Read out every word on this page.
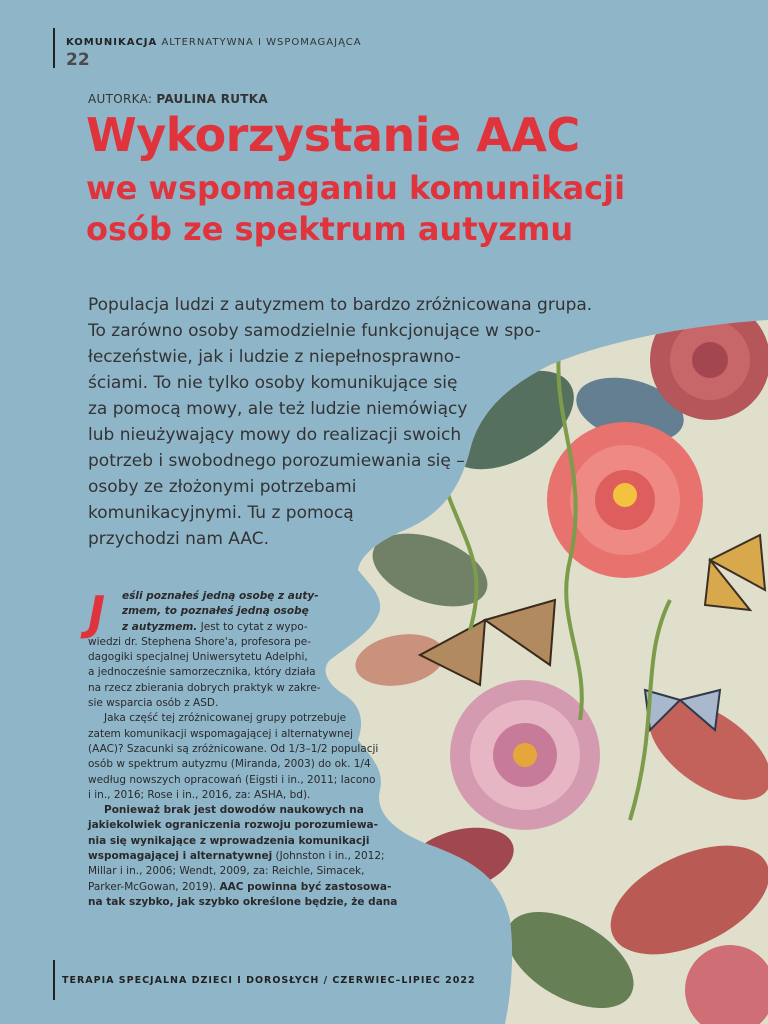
KOMUNIKACJA ALTERNATYWNA I WSPOMAGAJĄCA
22
AUTORKA: PAULINA RUTKA
Wykorzystanie AAC
we wspomaganiu komunikacji
osób ze spektrum autyzmu
Populacja ludzi z autyzmem to bardzo zróżnicowana grupa.
To zarówno osoby samodzielnie funkcjonujące w spo-
łeczeństwie, jak i ludzie z niepełnosprawno-
ściami. To nie tylko osoby komunikujące się
za pomocą mowy, ale też ludzie niemówiący
lub nieużywający mowy do realizacji swoich
potrzeb i swobodnego porozumiewania się –
osoby ze złożonymi potrzebami
komunikacyjnymi. Tu z pomocą
przychodzi nam AAC.
J	eśli poznałeś jedną osobę z auty-
zmem, to poznałeś jedną osobę
z autyzmem. Jest to cytat z wypo-
wiedzi dr. Stephena Shore'a, profesora pe-
dagogiki specjalnej Uniwersytetu Adelphi,
a jednocześnie samorzecznika, który działa
na rzecz zbierania dobrych praktyk w zakre-
sie wsparcia osób z ASD.
Jaka część tej zróżnicowanej grupy potrzebuje
zatem komunikacji wspomagającej i alternatywnej
(AAC)? Szacunki są zróżnicowane. Od 1/3–1/2 populacji
osób w spektrum autyzmu (Miranda, 2003) do ok. 1/4
według nowszych opracowań (Eigsti i in., 2011; Iacono
i in., 2016; Rose i in., 2016, za: ASHA, bd).
Ponieważ brak jest dowodów naukowych na
jakiekolwiek ograniczenia rozwoju porozumiewa-
nia się wynikające z wprowadzenia komunikacji
wspomagającej i alternatywnej (Johnston i in., 2012;
Millar i in., 2006; Wendt, 2009, za: Reichle, Simacek,
Parker-McGowan, 2019). AAC powinna być zastosowa-
na tak szybko, jak szybko określone będzie, że dana
TERAPIA SPECJALNA DZIECI I DOROSŁYCH / CZERWIEC–LIPIEC 2022
